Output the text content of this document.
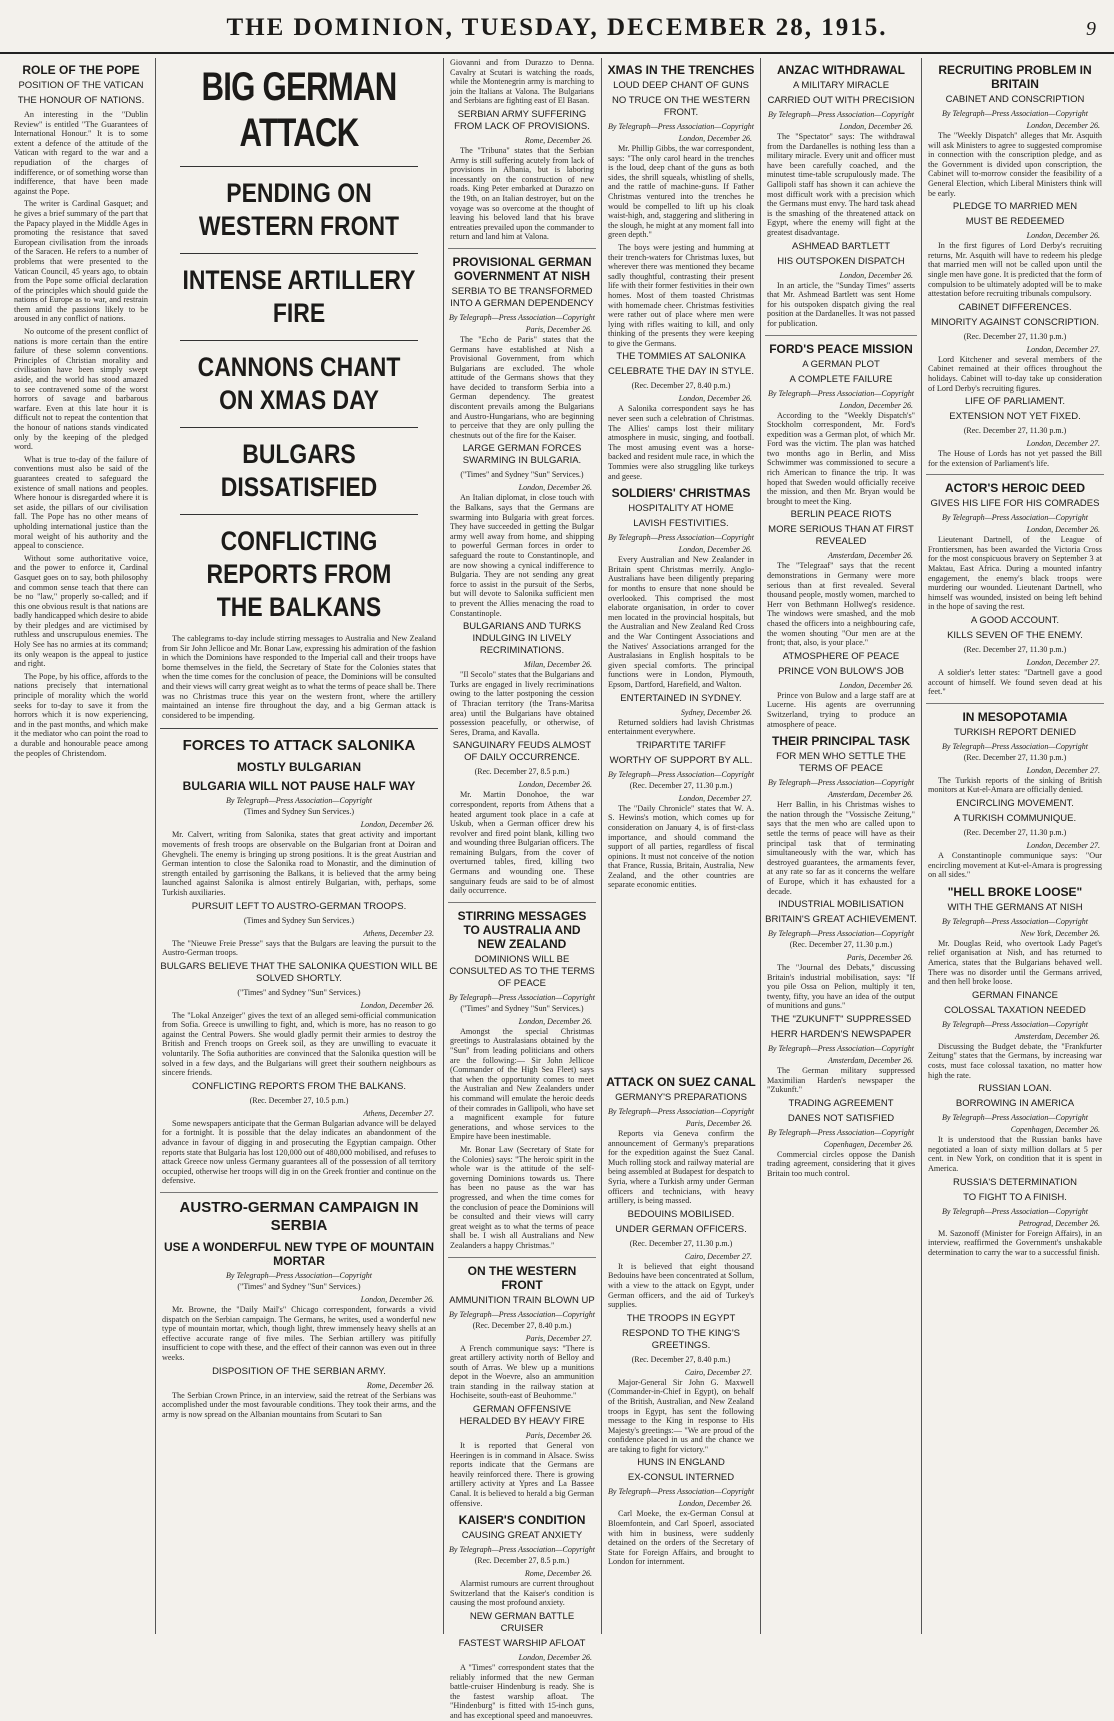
THE DOMINION, TUESDAY, DECEMBER 28, 1915.	9
ROLE OF THE POPE
POSITION OF THE VATICAN
THE HONOUR OF NATIONS.

An interesting in the "Dublin Review" is entitled "The Guarantees of International Honour." It is to some extent a defence of the attitude of the Vatican with regard to the war and a repudiation of the charges of indifference, or of something worse than indifference, that have been made against the Pope.

The writer is Cardinal Gasquet; and he gives a brief summary of the part that the Papacy played in the Middle Ages in promoting the resistance that saved European civilisation from the inroads of the Saracen. He refers to a number of problems that were presented to the Vatican Council, 45 years ago, to obtain from the Pope some official declaration of the principles which should guide the nations of Europe as to war, and restrain them amid the passions likely to be aroused in any conflict of nations.

No outcome of the present conflict of nations is more certain than the entire failure of these solemn conventions. Principles of Christian morality and civilisation have been simply swept aside, and the world has stood amazed to see contravened some of the worst horrors of savage and barbarous warfare. Even at this late hour it is difficult not to repeat the contention that the honour of nations stands vindicated only by the keeping of the pledged word.

What is true to-day of the failure of conventions must also be said of the guarantees created to safeguard the existence of small nations and peoples. Where honour is disregarded where it is set aside, the pillars of our civilisation fall. The Pope has no other means of upholding international justice than the moral weight of his authority and the appeal to conscience.

Without some authoritative voice, and the power to enforce it, Cardinal Gasquet goes on to say, both philosophy and common sense teach that there can be no "law," properly so-called; and if this one obvious result is that nations are badly handicapped which desire to abide by their pledges and are victimised by ruthless and unscrupulous enemies. The Holy See has no armies at its command; its only weapon is the appeal to justice and right.

The Pope, by his office, affords to the nations precisely that international principle of morality which the world seeks for to-day to save it from the horrors which it is now experiencing, and in the past months, and which make it the mediator who can point the road to a durable and honourable peace among the peoples of Christendom.

BIG GERMAN ATTACK
PENDING ON WESTERN FRONT
INTENSE ARTILLERY FIRE
CANNONS CHANT ON XMAS DAY
BULGARS DISSATISFIED
CONFLICTING REPORTS FROM THE BALKANS

The cablegrams to-day include stirring messages to Australia and New Zealand from Sir John Jellicoe and Mr. Bonar Law, expressing his admiration of the fashion in which the Dominions have responded to the Imperial call and their troops have borne themselves in the field, the Secretary of State for the Colonies states that when the time comes for the conclusion of peace, the Dominions will be consulted and their views will carry great weight as to what the terms of peace shall be. There was no Christmas truce this year on the western front, where the artillery maintained an intense fire throughout the day, and a big German attack is considered to be impending.

FORCES TO ATTACK SALONIKA
MOSTLY BULGARIAN
BULGARIA WILL NOT PAUSE HALF WAY
By Telegraph—Press Association—Copyright
(Times and Sydney Sun Services.)
London, December 26.

Mr. Calvert, writing from Salonika, states that great activity and important movements of fresh troops are observable on the Bulgarian front at Doiran and Ghevgheli. The enemy is bringing up strong positions. It is the great Austrian and German intention to close the Salonika road to Monastir, and the diminution of strength entailed by garrisoning the Balkans, it is believed that the army being launched against Salonika is almost entirely Bulgarian, with, perhaps, some Turkish auxiliaries.

PURSUIT LEFT TO AUSTRO-GERMAN TROOPS.
(Times and Sydney Sun Services.)
Athens, December 23.

The "Nieuwe Freie Presse" says that the Bulgars are leaving the pursuit to the Austro-German troops.

BULGARS BELIEVE THAT THE SALONIKA QUESTION WILL BE SOLVED SHORTLY.
("Times" and Sydney "Sun" Services.)
London, December 26.

The "Lokal Anzeiger" gives the text of an alleged semi-official communication from Sofia. Greece is unwilling to fight, and, which is more, has no reason to go against the Central Powers. She would gladly permit their armies to destroy the British and French troops on Greek soil, as they are unwilling to evacuate it voluntarily. The Sofia authorities are convinced that the Salonika question will be solved in a few days, and the Bulgarians will greet their southern neighbours as sincere friends.

CONFLICTING REPORTS FROM THE BALKANS.
(Rec. December 27, 10.5 p.m.)
Athens, December 27.

Some newspapers anticipate that the German Bulgarian advance will be delayed for a fortnight. It is possible that the delay indicates an abandonment of the advance in favour of digging in and prosecuting the Egyptian campaign. Other reports state that Bulgaria has lost 120,000 out of 480,000 mobilised, and refuses to attack Greece now unless Germany guarantees all of the possession of all territory occupied, otherwise her troops will dig in on the Greek frontier and continue on the defensive.

AUSTRO-GERMAN CAMPAIGN IN SERBIA
USE A WONDERFUL NEW TYPE OF MOUNTAIN MORTAR
By Telegraph—Press Association—Copyright
("Times" and Sydney "Sun" Services.)
London, December 26.

Mr. Browne, the "Daily Mail's" Chicago correspondent, forwards a vivid dispatch on the Serbian campaign. The Germans, he writes, used a wonderful new type of mountain mortar, which, though light, threw immensely heavy shells at an effective accurate range of five miles. The Serbian artillery was pitifully insufficient to cope with these, and the effect of their cannon was even out in three weeks.

DISPOSITION OF THE SERBIAN ARMY.
Rome, December 26.

The Serbian Crown Prince, in an interview, said the retreat of the Serbians was accomplished under the most favourable conditions. They took their arms, and the army is now spread on the Albanian mountains from Scutari to San

Giovanni and from Durazzo to Denna. Cavalry at Scutari is watching the roads, while the Montenegrin army is marching to join the Italians at Valona. The Bulgarians and Serbians are fighting east of El Basan.

SERBIAN ARMY SUFFERING FROM LACK OF PROVISIONS.
Rome, December 26.

The "Tribuna" states that the Serbian Army is still suffering acutely from lack of provisions in Albania, but is laboring incessantly on the construction of new roads. King Peter embarked at Durazzo on the 19th, on an Italian destroyer, but on the voyage was so overcome at the thought of leaving his beloved land that his brave entreaties prevailed upon the commander to return and land him at Valona.

PROVISIONAL GERMAN GOVERNMENT AT NISH
SERBIA TO BE TRANSFORMED INTO A GERMAN DEPENDENCY
By Telegraph—Press Association—Copyright
Paris, December 26.

The "Echo de Paris" states that the Germans have established at Nish a Provisional Government, from which Bulgarians are excluded. The whole attitude of the Germans shows that they have decided to transform Serbia into a German dependency. The greatest discontent prevails among the Bulgarians and Austro-Hungarians, who are beginning to perceive that they are only pulling the chestnuts out of the fire for the Kaiser.

LARGE GERMAN FORCES SWARMING IN BULGARIA.
("Times" and Sydney "Sun" Services.)
London, December 26.

An Italian diplomat, in close touch with the Balkans, says that the Germans are swarming into Bulgaria with great forces. They have succeeded in getting the Bulgar army well away from home, and shipping to powerful German forces in order to safeguard the route to Constantinople, and are now showing a cynical indifference to Bulgaria. They are not sending any great force to assist in the pursuit of the Serbs, but will devote to Salonika sufficient men to prevent the Allies menacing the road to Constantinople.

BULGARIANS AND TURKS INDULGING IN LIVELY RECRIMINATIONS.
Milan, December 26.

"Il Secolo" states that the Bulgarians and Turks are engaged in lively recriminations owing to the latter postponing the cession of Thracian territory (the Trans-Maritsa area) until the Bulgarians have obtained possession peacefully, or otherwise, of Seres, Drama, and Kavalla.

SANGUINARY FEUDS ALMOST OF DAILY OCCURRENCE.
(Rec. December 27, 8.5 p.m.)
London, December 26.

Mr. Martin Donohoe, the war correspondent, reports from Athens that a heated argument took place in a cafe at Uskub, when a German officer drew his revolver and fired point blank, killing two and wounding three Bulgarian officers. The remaining Bulgars, from the cover of overturned tables, fired, killing two Germans and wounding one. These sanguinary feuds are said to be of almost daily occurrence.

STIRRING MESSAGES TO AUSTRALIA AND NEW ZEALAND
DOMINIONS WILL BE CONSULTED AS TO THE TERMS OF PEACE
By Telegraph—Press Association—Copyright
("Times" and Sydney "Sun" Services.)
London, December 26.

Amongst the special Christmas greetings to Australasians obtained by the "Sun" from leading politicians and others are the following:— Sir John Jellicoe (Commander of the High Sea Fleet) says that when the opportunity comes to meet the Australian and New Zealanders under his command will emulate the heroic deeds of their comrades in Gallipoli, who have set a magnificent example for future generations, and whose services to the Empire have been inestimable.

Mr. Bonar Law (Secretary of State for the Colonies) says: "The heroic spirit in the whole war is the attitude of the self-governing Dominions towards us. There has been no pause as the war has progressed, and when the time comes for the conclusion of peace the Dominions will be consulted and their views will carry great weight as to what the terms of peace shall be. I wish all Australians and New Zealanders a happy Christmas."

ON THE WESTERN FRONT
AMMUNITION TRAIN BLOWN UP
By Telegraph—Press Association—Copyright
(Rec. December 27, 8.40 p.m.)
Paris, December 27.

A French communique says: "There is great artillery activity north of Belloy and south of Arras. We blew up a munitions depot in the Woevre, also an ammunition train standing in the railway station at Hochiseite, south-east of Beuhomme."

GERMAN OFFENSIVE HERALDED BY HEAVY FIRE
Paris, December 26.

It is reported that General von Heeringen is in command in Alsace. Swiss reports indicate that the Germans are heavily reinforced there. There is growing artillery activity at Ypres and La Bassee Canal. It is believed to herald a big German offensive.

KAISER'S CONDITION
CAUSING GREAT ANXIETY
By Telegraph—Press Association—Copyright
(Rec. December 27, 8.5 p.m.)
Rome, December 26.

Alarmist rumours are current throughout Switzerland that the Kaiser's condition is causing the most profound anxiety.

NEW GERMAN BATTLE CRUISER
FASTEST WARSHIP AFLOAT
London, December 26.

A "Times" correspondent states that the reliably informed that the new German battle-cruiser Hindenburg is ready. She is the fastest warship afloat. The "Hindenburg" is fitted with 15-inch guns, and has exceptional speed and manoeuvres.

ATTACK ON SUEZ CANAL
GERMANY'S PREPARATIONS
By Telegraph—Press Association—Copyright
Paris, December 26.

Reports via Geneva confirm the announcement of Germany's preparations for the expedition against the Suez Canal. Much rolling stock and railway material are being assembled at Budapest for despatch to Syria, where a Turkish army under German officers and technicians, with heavy artillery, is being massed.

BEDOUINS MOBILISED.
UNDER GERMAN OFFICERS.
(Rec. December 27, 11.30 p.m.)
Cairo, December 27.

It is believed that eight thousand Bedouins have been concentrated at Sollum, with a view to the attack on Egypt, under German officers, and the aid of Turkey's supplies.

THE TROOPS IN EGYPT
RESPOND TO THE KING'S GREETINGS.
(Rec. December 27, 8.40 p.m.)
Cairo, December 27.

Major-General Sir John G. Maxwell (Commander-in-Chief in Egypt), on behalf of the British, Australian, and New Zealand troops in Egypt, has sent the following message to the King in response to His Majesty's greetings:— "We are proud of the confidence placed in us and the chance we are taking to fight for victory."

HUNS IN ENGLAND
EX-CONSUL INTERNED
By Telegraph—Press Association—Copyright
London, December 26.

Carl Moeke, the ex-German Consul at Bloemfontein, and Carl Spoerl, associated with him in business, were suddenly detained on the orders of the Secretary of State for Foreign Affairs, and brought to London for internment.

ANZAC WITHDRAWAL
A MILITARY MIRACLE
CARRIED OUT WITH PRECISION
By Telegraph—Press Association—Copyright
London, December 26.

The "Spectator" says: The withdrawal from the Dardanelles is nothing less than a military miracle. Every unit and officer must have been carefully coached, and the minutest time-table scrupulously made. The Gallipoli staff has shown it can achieve the most difficult work with a precision which the Germans must envy. The hard task ahead is the smashing of the threatened attack on Egypt, where the enemy will fight at the greatest disadvantage.

ASHMEAD BARTLETT
HIS OUTSPOKEN DISPATCH
London, December 26.

In an article, the "Sunday Times" asserts that Mr. Ashmead Bartlett was sent Home for his outspoken dispatch giving the real position at the Dardanelles. It was not passed for publication.

FORD'S PEACE MISSION
A GERMAN PLOT
A COMPLETE FAILURE
By Telegraph—Press Association—Copyright
London, December 26.

According to the "Weekly Dispatch's" Stockholm correspondent, Mr. Ford's expedition was a German plot, of which Mr. Ford was the victim. The plan was hatched two months ago in Berlin, and Miss Schwimmer was commissioned to secure a rich American to finance the trip. It was hoped that Sweden would officially receive the mission, and then Mr. Bryan would be brought to meet the King.

BERLIN PEACE RIOTS
MORE SERIOUS THAN AT FIRST REVEALED
Amsterdam, December 26.

The "Telegraaf" says that the recent demonstrations in Germany were more serious than at first revealed. Several thousand people, mostly women, marched to Herr von Bethmann Hollweg's residence. The windows were smashed, and the mob chased the officers into a neighbouring cafe, the women shouting "Our men are at the front; that, also, is your place."

ATMOSPHERE OF PEACE
PRINCE VON BULOW'S JOB
London, December 26.

Prince von Bulow and a large staff are at Lucerne. His agents are overrunning Switzerland, trying to produce an atmosphere of peace.

THEIR PRINCIPAL TASK
FOR MEN WHO SETTLE THE TERMS OF PEACE
By Telegraph—Press Association—Copyright
Amsterdam, December 26.

Herr Ballin, in his Christmas wishes to the nation through the "Vossische Zeitung," says that the men who are called upon to settle the terms of peace will have as their principal task that of terminating simultaneously with the war, which has destroyed guarantees, the armaments fever, at any rate so far as it concerns the welfare of Europe, which it has exhausted for a decade.

INDUSTRIAL MOBILISATION
BRITAIN'S GREAT ACHIEVEMENT.
By Telegraph—Press Association—Copyright
(Rec. December 27, 11.30 p.m.)
Paris, December 26.

The "Journal des Debats," discussing Britain's industrial mobilisation, says: "If you pile Ossa on Pelion, multiply it ten, twenty, fifty, you have an idea of the output of munitions and guns."

THE "ZUKUNFT" SUPPRESSED
HERR HARDEN'S NEWSPAPER
By Telegraph—Press Association—Copyright
Amsterdam, December 26.

The German military suppressed Maximilian Harden's newspaper the "Zukunft."

TRADING AGREEMENT
DANES NOT SATISFIED
By Telegraph—Press Association—Copyright
Copenhagen, December 26.

Commercial circles oppose the Danish trading agreement, considering that it gives Britain too much control.

RECRUITING PROBLEM IN BRITAIN
CABINET AND CONSCRIPTION
By Telegraph—Press Association—Copyright
London, December 26.

The "Weekly Dispatch" alleges that Mr. Asquith will ask Ministers to agree to suggested compromise in connection with the conscription pledge, and as the Government is divided upon conscription, the Cabinet will to-morrow consider the feasibility of a General Election, which Liberal Ministers think will be early.

PLEDGE TO MARRIED MEN
MUST BE REDEEMED
London, December 26.

In the first figures of Lord Derby's recruiting returns, Mr. Asquith will have to redeem his pledge that married men will not be called upon until the single men have gone. It is predicted that the form of compulsion to be ultimately adopted will be to make attestation before recruiting tribunals compulsory.

CABINET DIFFERENCES.
MINORITY AGAINST CONSCRIPTION.
(Rec. December 27, 11.30 p.m.)
London, December 27.

Lord Kitchener and several members of the Cabinet remained at their offices throughout the holidays. Cabinet will to-day take up consideration of Lord Derby's recruiting figures.

LIFE OF PARLIAMENT.
EXTENSION NOT YET FIXED.
(Rec. December 27, 11.30 p.m.)
London, December 27.

The House of Lords has not yet passed the Bill for the extension of Parliament's life.

ACTOR'S HEROIC DEED
GIVES HIS LIFE FOR HIS COMRADES
By Telegraph—Press Association—Copyright
London, December 26.

Lieutenant Dartnell, of the League of Frontiersmen, has been awarded the Victoria Cross for the most conspicuous bravery on September 3 at Maktau, East Africa. During a mounted infantry engagement, the enemy's black troops were murdering our wounded. Lieutenant Dartnell, who himself was wounded, insisted on being left behind in the hope of saving the rest.

A GOOD ACCOUNT.
KILLS SEVEN OF THE ENEMY.
(Rec. December 27, 11.30 p.m.)
London, December 27.

A soldier's letter states: "Dartnell gave a good account of himself. We found seven dead at his feet."

IN MESOPOTAMIA
TURKISH REPORT DENIED
By Telegraph—Press Association—Copyright
(Rec. December 27, 11.30 p.m.)
London, December 27.

The Turkish reports of the sinking of British monitors at Kut-el-Amara are officially denied.

ENCIRCLING MOVEMENT.
A TURKISH COMMUNIQUE.
(Rec. December 27, 11.30 p.m.)
London, December 27.

A Constantinople communique says: "Our encircling movement at Kut-el-Amara is progressing on all sides."

"HELL BROKE LOOSE"
WITH THE GERMANS AT NISH
By Telegraph—Press Association—Copyright
New York, December 26.

Mr. Douglas Reid, who overtook Lady Paget's relief organisation at Nish, and has returned to America, states that the Bulgarians behaved well. There was no disorder until the Germans arrived, and then hell broke loose.

GERMAN FINANCE
COLOSSAL TAXATION NEEDED
By Telegraph—Press Association—Copyright
Amsterdam, December 26.

Discussing the Budget debate, the "Frankfurter Zeitung" states that the Germans, by increasing war costs, must face colossal taxation, no matter how high the rate.

RUSSIAN LOAN.
BORROWING IN AMERICA
By Telegraph—Press Association—Copyright
Copenhagen, December 26.

It is understood that the Russian banks have negotiated a loan of sixty million dollars at 5 per cent. in New York, on condition that it is spent in America.

RUSSIA'S DETERMINATION
TO FIGHT TO A FINISH.
By Telegraph—Press Association—Copyright
Petrograd, December 26.

M. Sazonoff (Minister for Foreign Affairs), in an interview, reaffirmed the Government's unshakable determination to carry the war to a successful finish.

XMAS IN THE TRENCHES
LOUD DEEP CHANT OF GUNS
NO TRUCE ON THE WESTERN FRONT.
By Telegraph—Press Association—Copyright
London, December 26.

Mr. Phillip Gibbs, the war correspondent, says: "The only carol heard in the trenches is the loud, deep chant of the guns as both sides, the shrill squeals, whistling of shells, and the rattle of machine-guns. If Father Christmas ventured into the trenches he would be compelled to lift up his cloak waist-high, and, staggering and slithering in the slough, he might at any moment fall into green depth."

The boys were jesting and humming at their trench-waters for Christmas luxes, but wherever there was mentioned they became sadly thoughtful, contrasting their present life with their former festivities in their own homes. Most of them toasted Christmas with homemade cheer. Christmas festivities were rather out of place where men were lying with rifles waiting to kill, and only thinking of the presents they were keeping to give the Germans.

THE TOMMIES AT SALONIKA
CELEBRATE THE DAY IN STYLE.
(Rec. December 27, 8.40 p.m.)
London, December 26.

A Salonika correspondent says he has never seen such a celebration of Christmas. The Allies' camps lost their military atmosphere in music, singing, and football. The most amusing event was a horse-backed and resident mule race, in which the Tommies were also struggling like turkeys and geese.

SOLDIERS' CHRISTMAS
HOSPITALITY AT HOME
LAVISH FESTIVITIES.
By Telegraph—Press Association—Copyright
London, December 26.

Every Australian and New Zealander in Britain spent Christmas merrily. Anglo-Australians have been diligently preparing for months to ensure that none should be overlooked. This comprised the most elaborate organisation, in order to cover men located in the provincial hospitals, but the Australian and New Zealand Red Cross and the War Contingent Associations and the Natives' Associations arranged for the Australasians in English hospitals to be given special comforts. The principal functions were in London, Plymouth, Epsom, Dartford, Harefield, and Walton.

ENTERTAINED IN SYDNEY.
Sydney, December 26.

Returned soldiers had lavish Christmas entertainment everywhere.

TRIPARTITE TARIFF
WORTHY OF SUPPORT BY ALL.
By Telegraph—Press Association—Copyright
(Rec. December 27, 11.30 p.m.)
London, December 27.

The "Daily Chronicle" states that W. A. S. Hewins's motion, which comes up for consideration on January 4, is of first-class importance, and should command the support of all parties, regardless of fiscal opinions. It must not conceive of the notion that France, Russia, Britain, Australia, New Zealand, and the other countries are separate economic entities.
